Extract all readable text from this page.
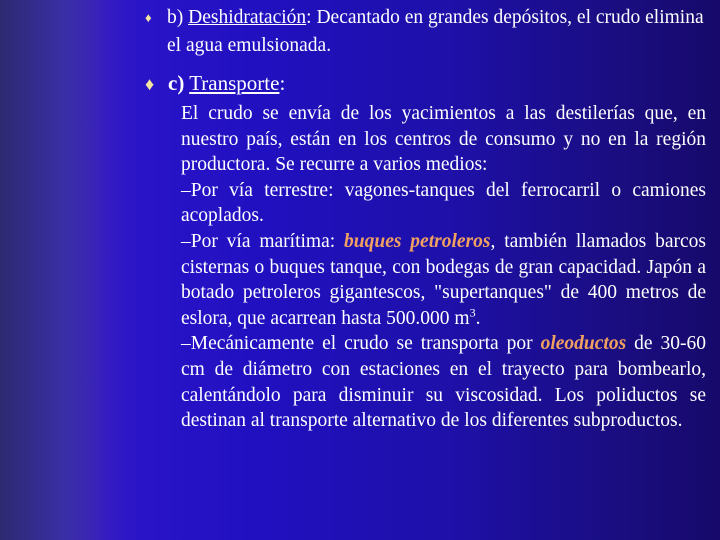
♦ b) Deshidratación: Decantado en grandes depósitos, el crudo elimina el agua emulsionada.
♦ c) Transporte:

El crudo se envía de los yacimientos a las destilerías que, en nuestro país, están en los centros de consumo y no en la región productora. Se recurre a varios medios:

–Por vía terrestre: vagones-tanques del ferrocarril o camiones acoplados.

–Por vía marítima: buques petroleros, también llamados barcos cisternas o buques tanque, con bodegas de gran capacidad. Japón a botado petroleros gigantescos, "supertanques" de 400 metros de eslora, que acarrean hasta 500.000 $m^3$.

–Mecánicamente el crudo se transporta por oleoductos de 30-60 cm de diámetro con estaciones en el trayecto para bombearlo, calentándolo para disminuir su viscosidad. Los poliductos se destinan al transporte alternativo de los diferentes subproductos.
